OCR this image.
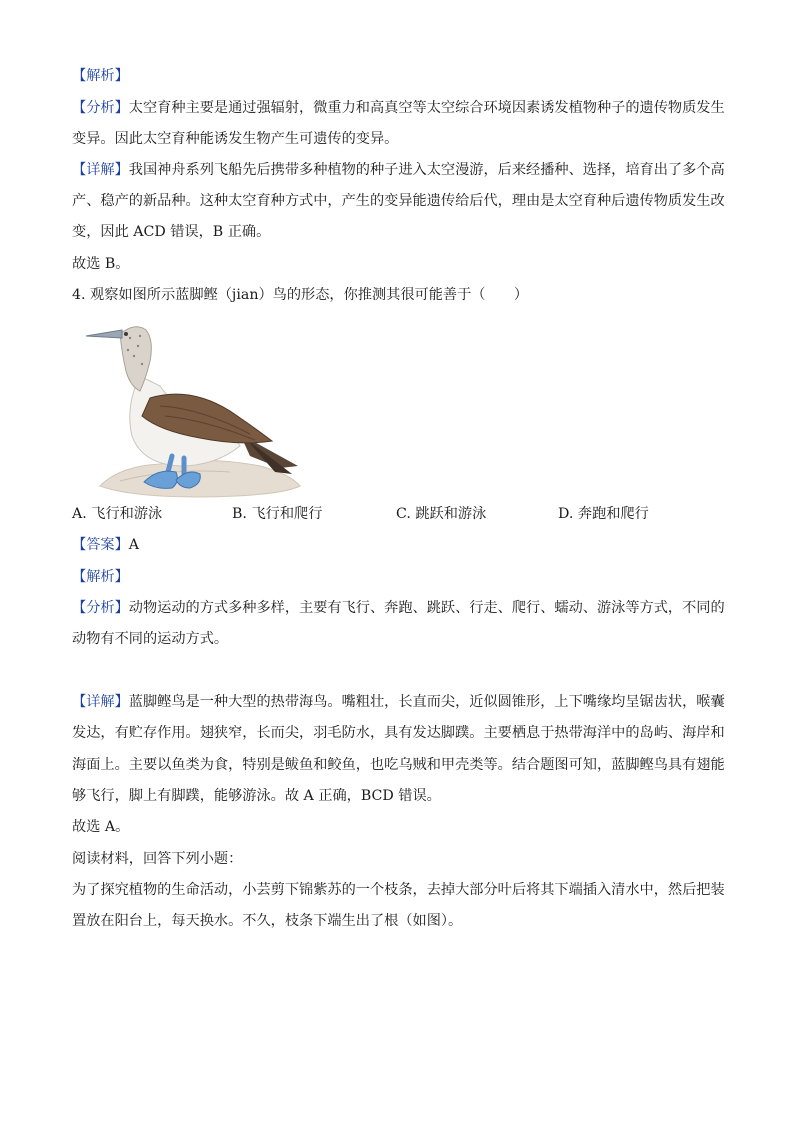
【解析】
【分析】太空育种主要是通过强辐射，微重力和高真空等太空综合环境因素诱发植物种子的遗传物质发生
变异。因此太空育种能诱发生物产生可遗传的变异。
【详解】我国神舟系列飞船先后携带多种植物的种子进入太空漫游，后来经播种、选择，培育出了多个高
产、稳产的新品种。这种太空育种方式中，产生的变异能遗传给后代，理由是太空育种后遗传物质发生改
变，因此 ACD 错误，B 正确。
故选 B。
4. 观察如图所示蓝脚鲣（jian）鸟的形态，你推测其很可能善于（　　）
A. 飞行和游泳	B. 飞行和爬行	C. 跳跃和游泳	D. 奔跑和爬行
【答案】A
【解析】
【分析】动物运动的方式多种多样，主要有飞行、奔跑、跳跃、行走、爬行、蠕动、游泳等方式，不同的
动物有不同的运动方式。
【详解】蓝脚鲣鸟是一种大型的热带海鸟。嘴粗壮，长直而尖，近似圆锥形，上下嘴缘均呈锯齿状，喉囊
发达，有贮存作用。翅狭窄，长而尖，羽毛防水，具有发达脚蹼。主要栖息于热带海洋中的岛屿、海岸和
海面上。主要以鱼类为食，特别是鲅鱼和鲛鱼，也吃乌贼和甲壳类等。结合题图可知，蓝脚鲣鸟具有翅能
够飞行，脚上有脚蹼，能够游泳。故 A 正确，BCD 错误。
故选 A。
阅读材料，回答下列小题：
为了探究植物的生命活动，小芸剪下锦紫苏的一个枝条，去掉大部分叶后将其下端插入清水中，然后把装
置放在阳台上，每天换水。不久，枝条下端生出了根（如图）。
